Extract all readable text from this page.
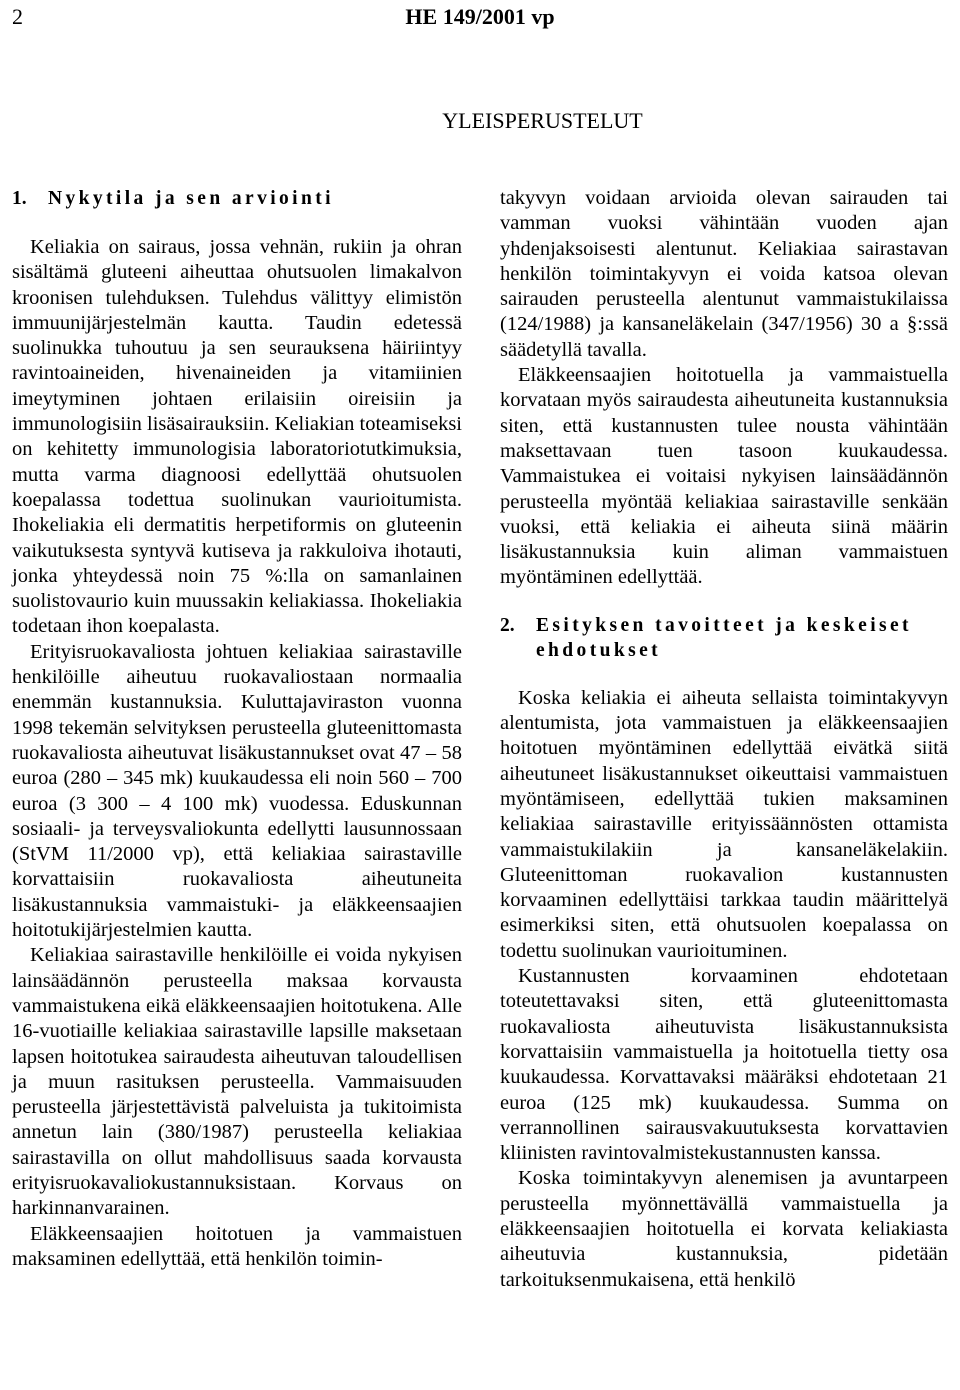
2	HE 149/2001 vp
YLEISPERUSTELUT
1. Nykytila ja sen arviointi

Keliakia on sairaus, jossa vehnän, rukiin ja ohran sisältämä gluteeni aiheuttaa ohutsuolen limakalvon kroonisen tulehduksen. Tulehdus välittyy elimistön immuunijärjestelmän kautta. Taudin edetessä suolinukka tuhoutuu ja sen seurauksena häiriintyy ravintoaineiden, hivenaineiden ja vitamiinien imeytyminen johtaen erilaisiin oireisiin ja immunologisiin lisäsairauksiin. Keliakian toteamiseksi on kehitetty immunologisia laboratoriotutkimuksia, mutta varma diagnoosi edellyttää ohutsuolen koepalassa todettua suolinukan vaurioitumista. Ihokeliakia eli dermatitis herpetiformis on gluteenin vaikutuksesta syntyvä kutiseva ja rakkuloiva ihotauti, jonka yhteydessä noin 75 %:lla on samanlainen suolistovaurio kuin muussakin keliakiassa. Ihokeliakia todetaan ihon koepalasta.

Erityisruokavaliosta johtuen keliakiaa sairastaville henkilöille aiheutuu ruokavaliostaan normaalia enemmän kustannuksia. Kuluttajaviraston vuonna 1998 tekemän selvityksen perusteella gluteenittomasta ruokavaliosta aiheutuvat lisäkustannukset ovat 47 – 58 euroa (280 – 345 mk) kuukaudessa eli noin 560 – 700 euroa (3 300 – 4 100 mk) vuodessa. Eduskunnan sosiaali- ja terveysvaliokunta edellytti lausunnossaan (StVM 11/2000 vp), että keliakiaa sairastaville korvattaisiin ruokavaliosta aiheutuneita lisäkustannuksia vammaistuki- ja eläkkeensaajien hoitotukijärjestelmien kautta.

Keliakiaa sairastaville henkilöille ei voida nykyisen lainsäädännön perusteella maksaa korvausta vammaistukena eikä eläkkeensaajien hoitotukena. Alle 16-vuotiaille keliakiaa sairastaville lapsille maksetaan lapsen hoitotukea sairaudesta aiheutuvan taloudellisen ja muun rasituksen perusteella. Vammaisuuden perusteella järjestettävistä palveluista ja tukitoimista annetun lain (380/1987) perusteella keliakiaa sairastavilla on ollut mahdollisuus saada korvausta erityisruokavaliokustannuksistaan. Korvaus on harkinnanvarainen.

Eläkkeensaajien hoitotuen ja vammaistuen maksaminen edellyttää, että henkilön toimin-

takyvyn voidaan arvioida olevan sairauden tai vamman vuoksi vähintään vuoden ajan yhdenjaksoisesti alentunut. Keliakiaa sairastavan henkilön toimintakyvyn ei voida katsoa olevan sairauden perusteella alentunut vammaistukilaissa (124/1988) ja kansaneläkelain (347/1956) 30 a §:ssä säädetyllä tavalla.

Eläkkeensaajien hoitotuella ja vammaistuella korvataan myös sairaudesta aiheutuneita kustannuksia siten, että kustannusten tulee nousta vähintään maksettavaan tuen tasoon kuukaudessa. Vammaistukea ei voitaisi nykyisen lainsäädännön perusteella myöntää keliakiaa sairastaville senkään vuoksi, että keliakia ei aiheuta siinä määrin lisäkustannuksia kuin aliman vammaistuen myöntäminen edellyttää.

2. Esityksen tavoitteet ja keskeiset
ehdotukset

Koska keliakia ei aiheuta sellaista toimintakyvyn alentumista, jota vammaistuen ja eläkkeensaajien hoitotuen myöntäminen edellyttää eivätkä siitä aiheutuneet lisäkustannukset oikeuttaisi vammaistuen myöntämiseen, edellyttää tukien maksaminen keliakiaa sairastaville erityissäännösten ottamista vammaistukilakiin ja kansaneläkelakiin. Gluteenittoman ruokavalion kustannusten korvaaminen edellyttäisi tarkkaa taudin määrittelyä esimerkiksi siten, että ohutsuolen koepalassa on todettu suolinukan vaurioituminen.

Kustannusten korvaaminen ehdotetaan toteutettavaksi siten, että gluteenittomasta ruokavaliosta aiheutuvista lisäkustannuksista korvattaisiin vammaistuella ja hoitotuella tietty osa kuukaudessa. Korvattavaksi määräksi ehdotetaan 21 euroa (125 mk) kuukaudessa. Summa on verrannollinen sairausvakuutuksesta korvattavien kliinisten ravintovalmistekustannusten kanssa.

Koska toimintakyvyn alenemisen ja avuntarpeen perusteella myönnettävällä vammaistuella ja eläkkeensaajien hoitotuella ei korvata keliakiasta aiheutuvia kustannuksia, pidetään tarkoituksenmukaisena, että henkilö
